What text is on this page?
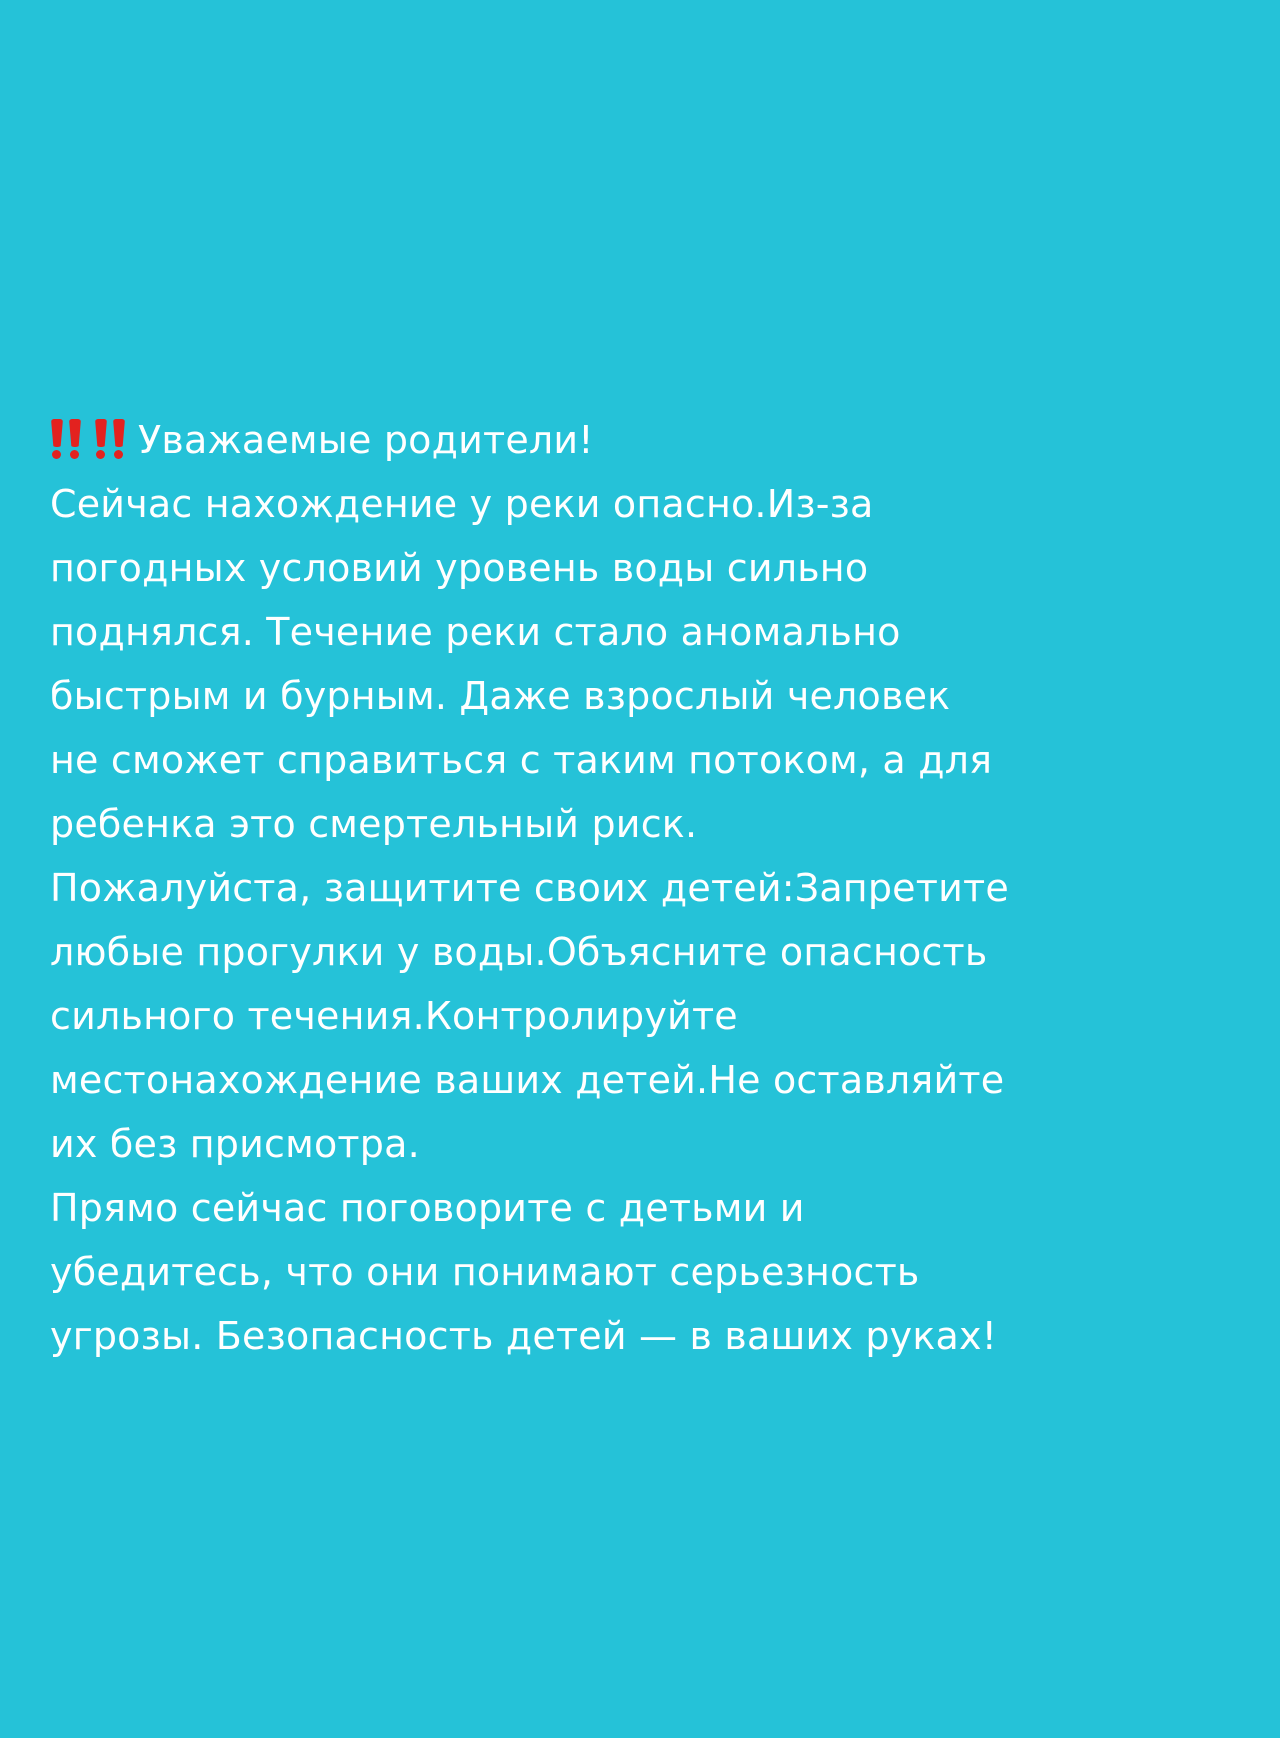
Уважаемые родители!
Сейчас нахождение у реки опасно.Из-за
погодных условий уровень воды сильно
поднялся. Течение реки стало аномально
быстрым и бурным. Даже взрослый человек
не сможет справиться с таким потоком, а для
ребенка это смертельный риск.
Пожалуйста, защитите своих детей:Запретите
любые прогулки у воды.Объясните опасность
сильного течения.Контролируйте
местонахождение ваших детей.Не оставляйте
их без присмотра.
Прямо сейчас поговорите с детьми и
убедитесь, что они понимают серьезность
угрозы. Безопасность детей — в ваших руках!
